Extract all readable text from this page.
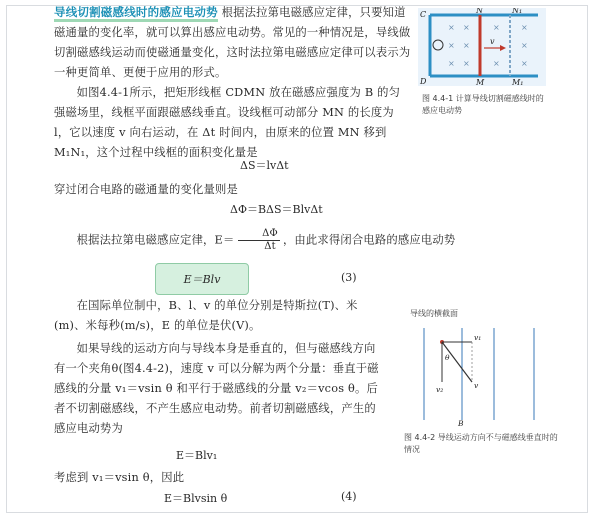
导线切割磁感线时的感应电动势 根据法拉第电磁感应定律，只要知道磁通量的变化率，就可以算出感应电动势。常见的一种情况是，导线做切割磁感线运动而使磁通量变化，这时法拉第电磁感应定律可以表示为一种更简单、更便于应用的形式。
如图4.4-1所示，把矩形线框 CDMN 放在磁感应强度为 B 的匀强磁场里，线框平面跟磁感线垂直。设线框可动部分 MN 的长度为 l，它以速度 v 向右运动，在 Δt 时间内，由原来的位置 MN 移到 M₁N₁，这个过程中线框的面积变化量是
ΔS＝lvΔt
穿过闭合电路的磁通量的变化量则是
ΔΦ＝BΔS＝BlvΔt
根据法拉第电磁感应定律，$E= \frac{\Delta\Phi}{\Delta t}$ ，由此求得闭合电路的感应电动势
E＝Blv	(3)
在国际单位制中，B、l、v 的单位分别是特斯拉(T)、米(m)、米每秒(m/s)，E 的单位是伏(V)。
如果导线的运动方向与导线本身是垂直的，但与磁感线方向有一个夹角θ(图4.4-2)，速度 v 可以分解为两个分量：垂直于磁感线的分量 v₁＝vsin θ 和平行于磁感线的分量 v₂＝vcos θ。后者不切割磁感线，不产生感应电动势。前者切割磁感线，产生的感应电动势为
E＝Blv₁
考虑到 v₁＝vsin θ，因此
E＝Blvsin θ	(4)
× ×	×	×
× ×	×
× ×	×	×
C	N	N₁
D	M	M₁
v
图 4.4-1 计算导线切割磁感线时的感应电动势
v₁
v₂	v
θ
B
导线的横截面
图 4.4-2 导线运动方向不与磁感线垂直时的情况
